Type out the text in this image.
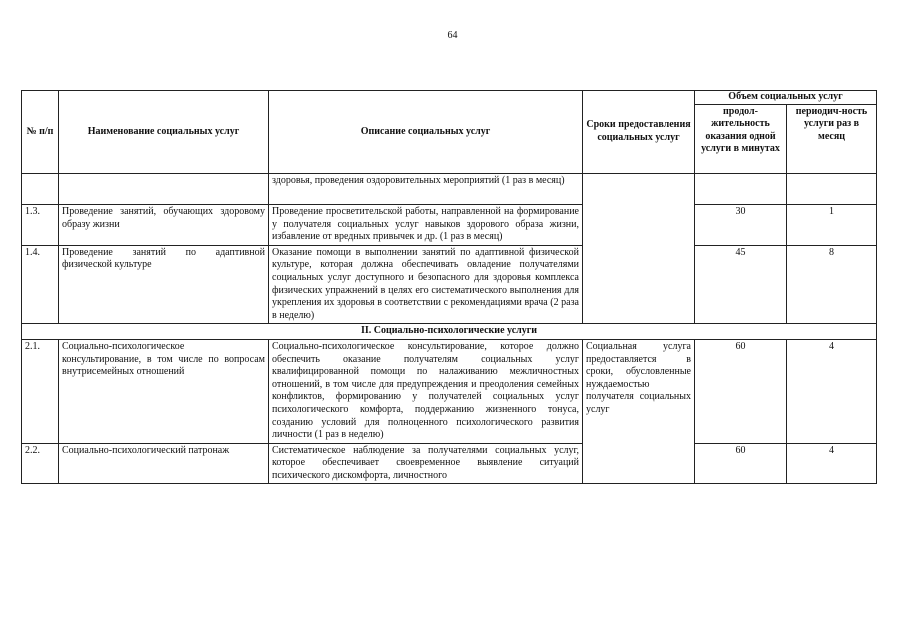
64
№ п/п	Наименование социальных услуг	Описание социальных услуг	Сроки предоставления социальных услуг	Объем социальных услуг	
				продол-жительность оказания одной услуги в минутах	периодич-ность услуги раз в месяц
		здоровья, проведения оздоровительных мероприятий (1 раз в месяц)			
1.3.	Проведение занятий, обучающих здоровому образу жизни	Проведение просветительской работы, направленной на формирование у получателя социальных услуг навыков здорового образа жизни, избавление от вредных привычек и др. (1 раз в месяц)		30	1
1.4.	Проведение занятий по адаптивной физической культуре	Оказание помощи в выполнении занятий по адаптивной физической культуре, которая должна обеспечивать овладение получателями социальных услуг доступного и безопасного для здоровья комплекса физических упражнений в целях его систематического выполнения для укрепления их здоровья в соответствии с рекомендациями врача (2 раза в неделю)		45	8
II. Социально-психологические услуги					
2.1.	Социально-психологическое консультирование, в том числе по вопросам внутрисемейных отношений	Социально-психологическое консультирование, которое должно обеспечить оказание получателям социальных услуг квалифицированной помощи по налаживанию межличностных отношений, в том числе для предупреждения и преодоления семейных конфликтов, формированию у получателей социальных услуг психологического комфорта, поддержанию жизненного тонуса, созданию условий для полноценного психологического развития личности (1 раз в неделю)	Социальная услуга предоставляется в сроки, обусловленные нуждаемостью получателя социальных услуг	60	4
2.2.	Социально-психологический патронаж	Систематическое наблюдение за получателями социальных услуг, которое обеспечивает своевременное выявление ситуаций психического дискомфорта, личностного		60	4
